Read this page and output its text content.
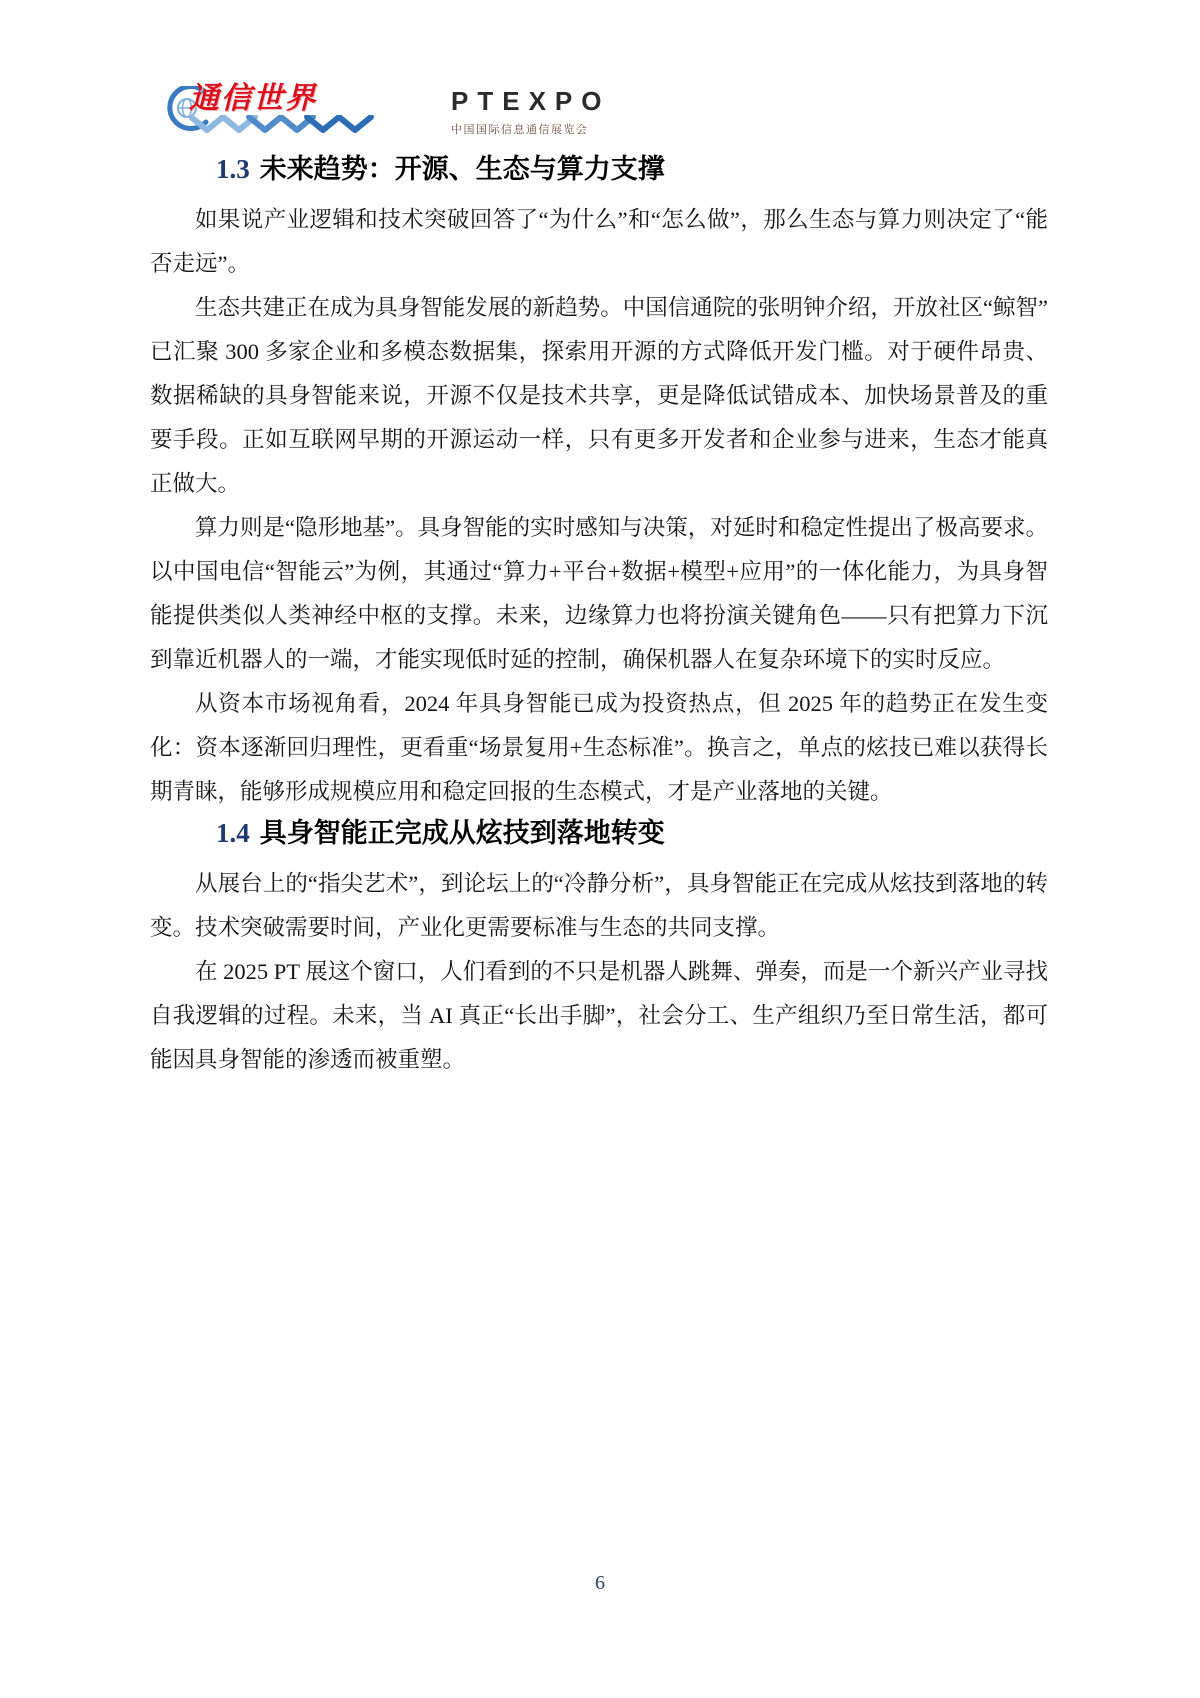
通信世界	PTEXPO
中国国际信息通信展览会
1.3 未来趋势：开源、生态与算力支撑

如果说产业逻辑和技术突破回答了“为什么”和“怎么做”，那么生态与算力则决定了“能否走远”。

生态共建正在成为具身智能发展的新趋势。中国信通院的张明钟介绍，开放社区“鲸智”已汇聚 300 多家企业和多模态数据集，探索用开源的方式降低开发门槛。对于硬件昂贵、数据稀缺的具身智能来说，开源不仅是技术共享，更是降低试错成本、加快场景普及的重要手段。正如互联网早期的开源运动一样，只有更多开发者和企业参与进来，生态才能真正做大。

算力则是“隐形地基”。具身智能的实时感知与决策，对延时和稳定性提出了极高要求。以中国电信“智能云”为例，其通过“算力+平台+数据+模型+应用”的一体化能力，为具身智能提供类似人类神经中枢的支撑。未来，边缘算力也将扮演关键角色——只有把算力下沉到靠近机器人的一端，才能实现低时延的控制，确保机器人在复杂环境下的实时反应。

从资本市场视角看，2024 年具身智能已成为投资热点，但 2025 年的趋势正在发生变化：资本逐渐回归理性，更看重“场景复用+生态标准”。换言之，单点的炫技已难以获得长期青睐，能够形成规模应用和稳定回报的生态模式，才是产业落地的关键。

1.4 具身智能正完成从炫技到落地转变

从展台上的“指尖艺术”，到论坛上的“冷静分析”，具身智能正在完成从炫技到落地的转变。技术突破需要时间，产业化更需要标准与生态的共同支撑。

在 2025 PT 展这个窗口，人们看到的不只是机器人跳舞、弹奏，而是一个新兴产业寻找自我逻辑的过程。未来，当 AI 真正“长出手脚”，社会分工、生产组织乃至日常生活，都可能因具身智能的渗透而被重塑。

6
